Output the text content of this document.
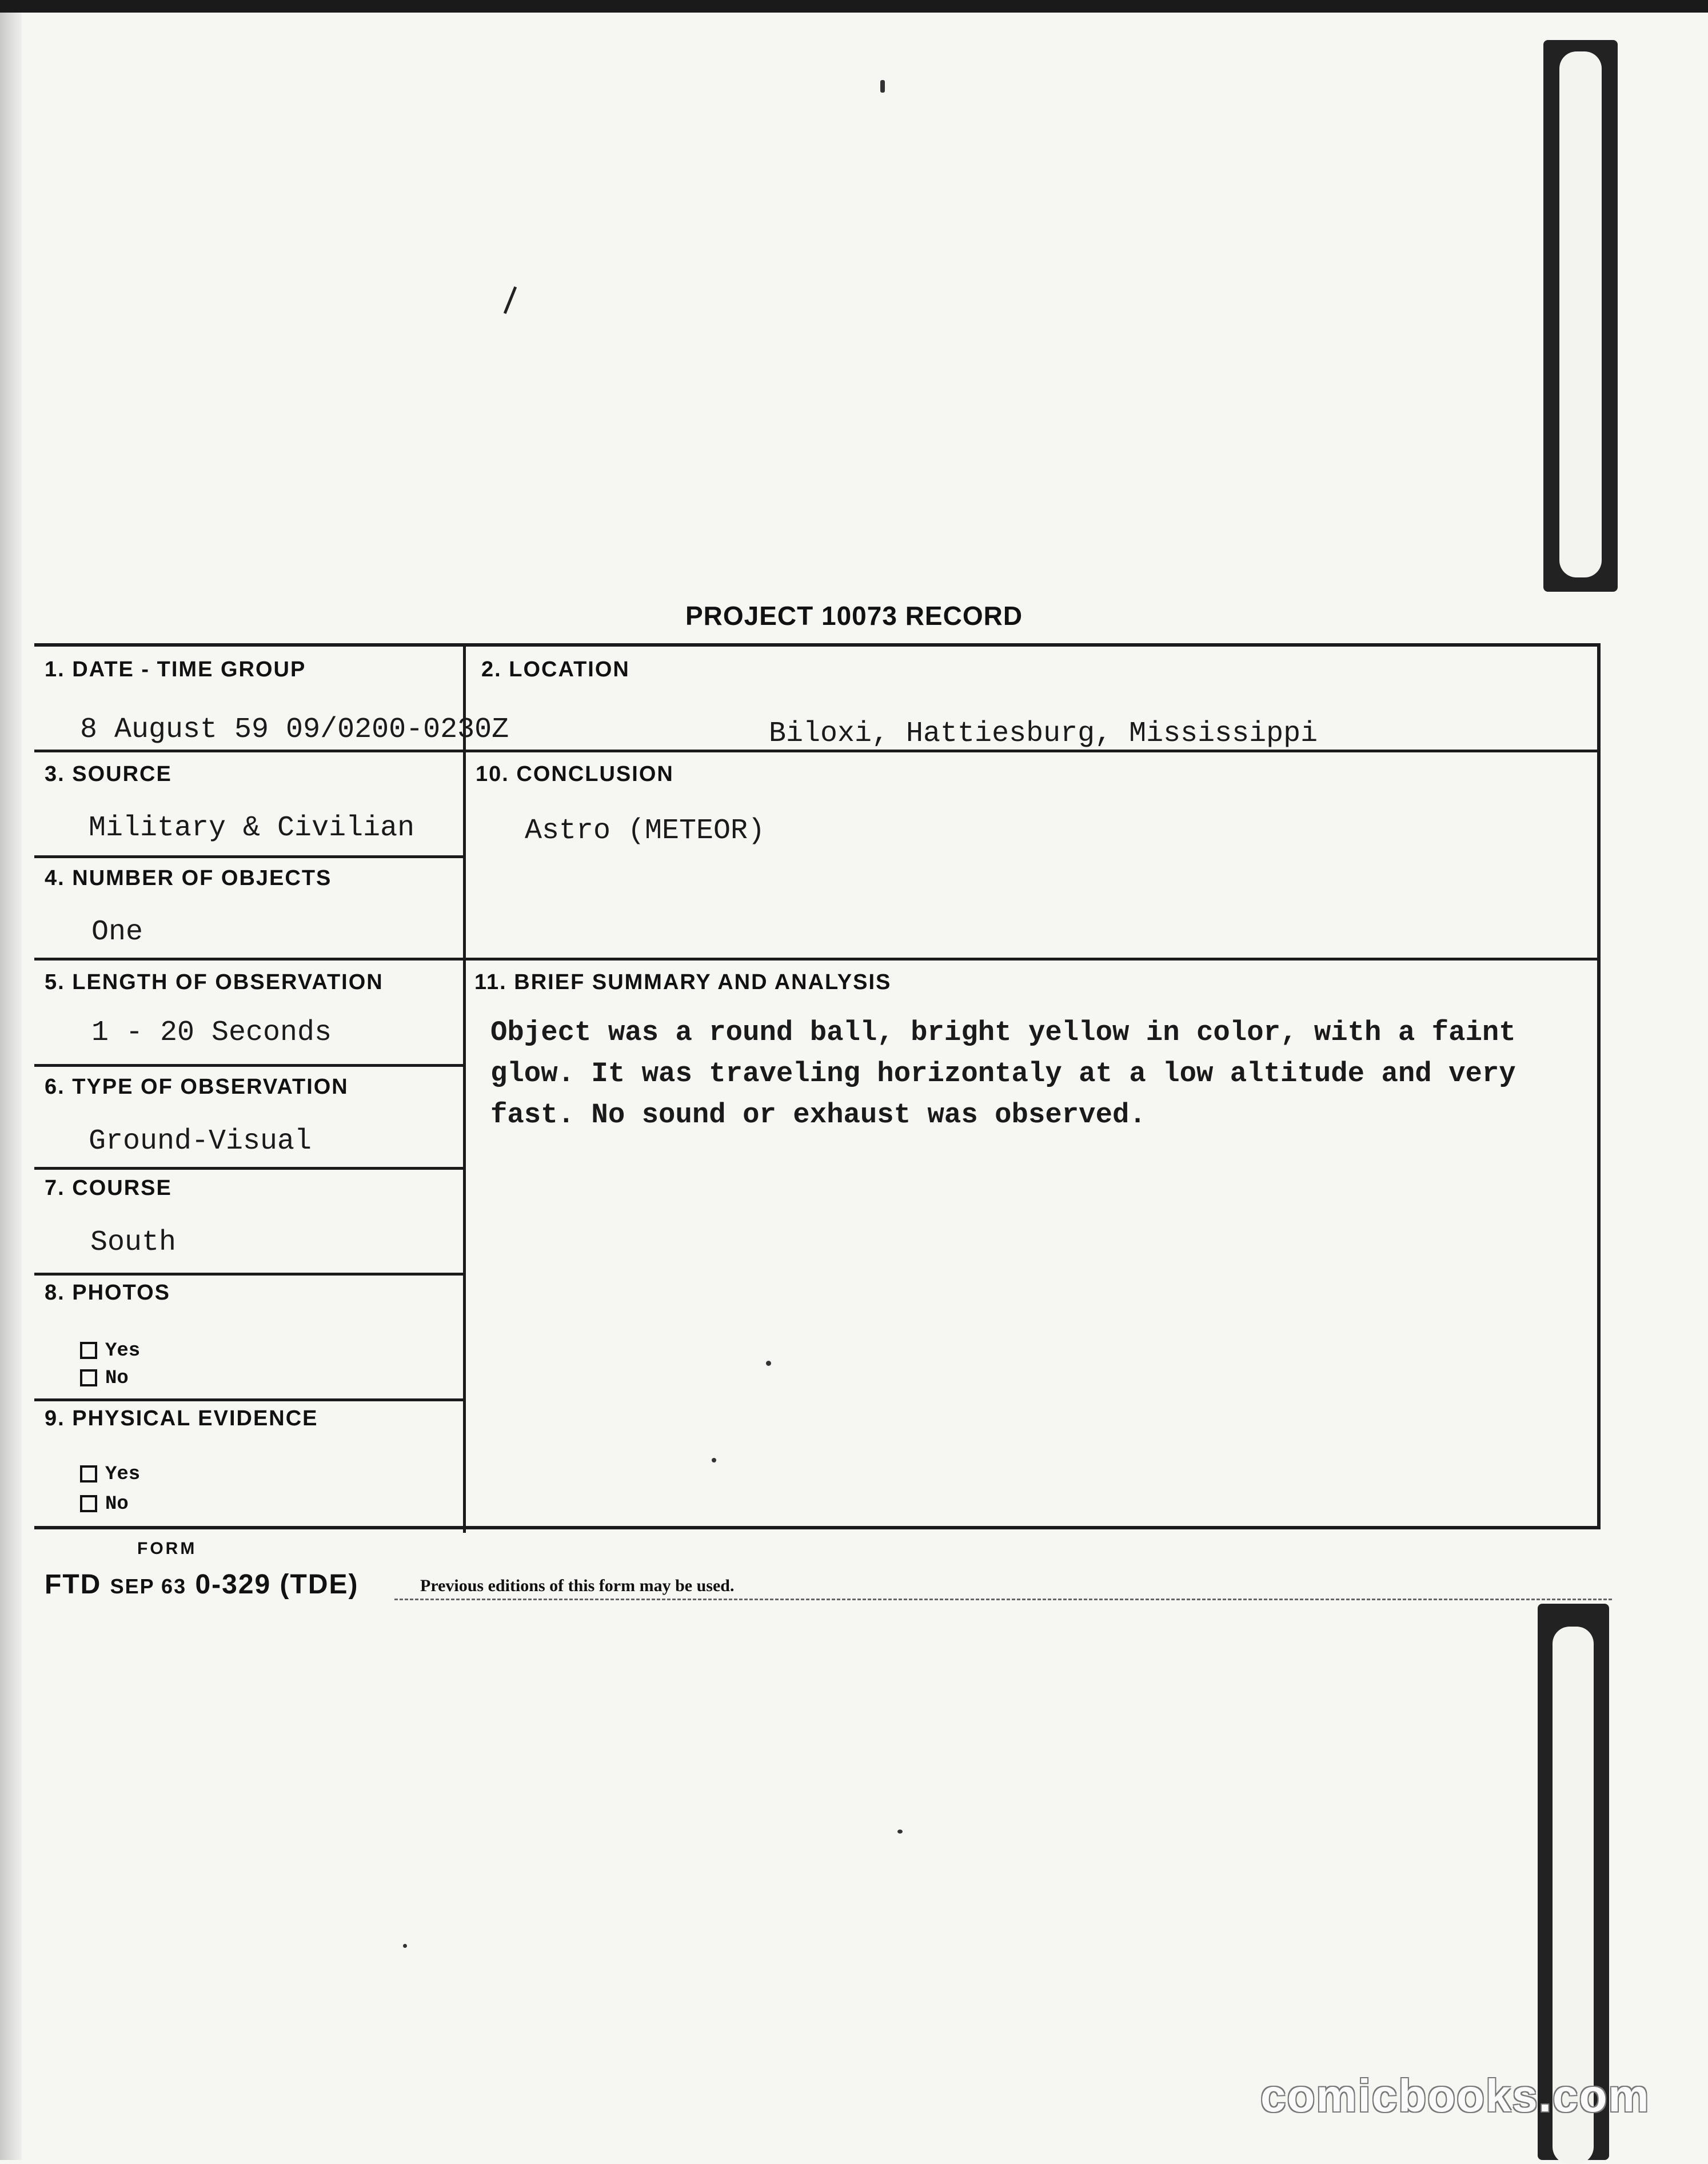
PROJECT 10073 RECORD
1. DATE - TIME GROUP
8 August 59 09/0200-0230Z
2. LOCATION
Biloxi, Hattiesburg, Mississippi
3. SOURCE
Military & Civilian
10. CONCLUSION
Astro (METEOR)
4. NUMBER OF OBJECTS
One
5. LENGTH OF OBSERVATION
1 - 20 Seconds
11. BRIEF SUMMARY AND ANALYSIS
Object was a round ball, bright yellow in color, with a faint glow. It was traveling horizontaly at a low altitude and very fast. No sound or exhaust was observed.
6. TYPE OF OBSERVATION
Ground-Visual
7. COURSE
South
8. PHOTOS
Yes
No
9. PHYSICAL EVIDENCE
Yes
No
FORM
FTD SEP 63 0-329 (TDE)	Previous editions of this form may be used.
comicbooks.com
